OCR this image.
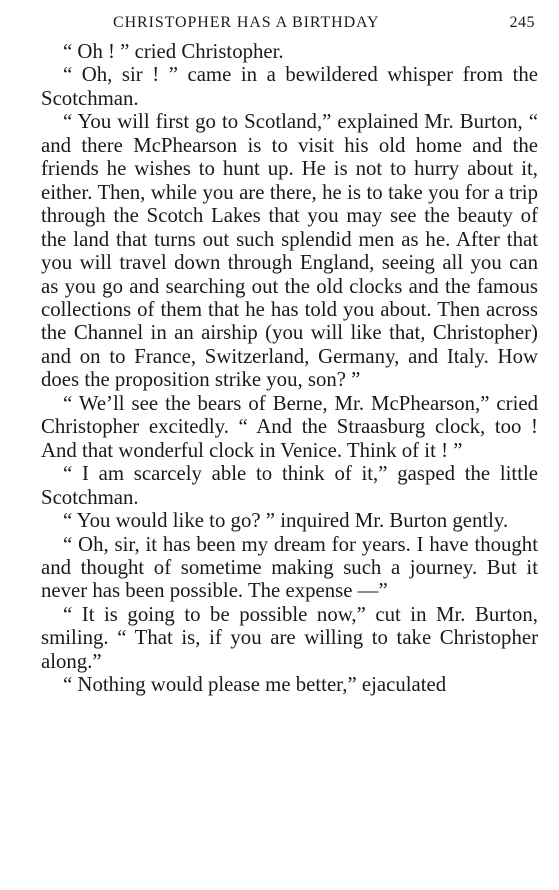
CHRISTOPHER HAS A BIRTHDAY	245

“ Oh ! ” cried Christopher.

“ Oh, sir ! ” came in a bewildered whisper from the Scotchman.

“ You will first go to Scotland,” explained Mr. Burton, “ and there McPhearson is to visit his old home and the friends he wishes to hunt up. He is not to hurry about it, either. Then, while you are there, he is to take you for a trip through the Scotch Lakes that you may see the beauty of the land that turns out such splendid men as he. After that you will travel down through England, seeing all you can as you go and searching out the old clocks and the famous collections of them that he has told you about. Then across the Channel in an airship (you will like that, Christopher) and on to France, Switzerland, Germany, and Italy. How does the proposition strike you, son? ”

“ We’ll see the bears of Berne, Mr. McPhearson,” cried Christopher excitedly. “ And the Straasburg clock, too ! And that wonderful clock in Venice. Think of it ! ”

“ I am scarcely able to think of it,” gasped the little Scotchman.

“ You would like to go? ” inquired Mr. Burton gently.

“ Oh, sir, it has been my dream for years. I have thought and thought of sometime making such a journey. But it never has been possible. The expense —”

“ It is going to be possible now,” cut in Mr. Burton, smiling. “ That is, if you are willing to take Christopher along.”

“ Nothing would please me better,” ejaculated
